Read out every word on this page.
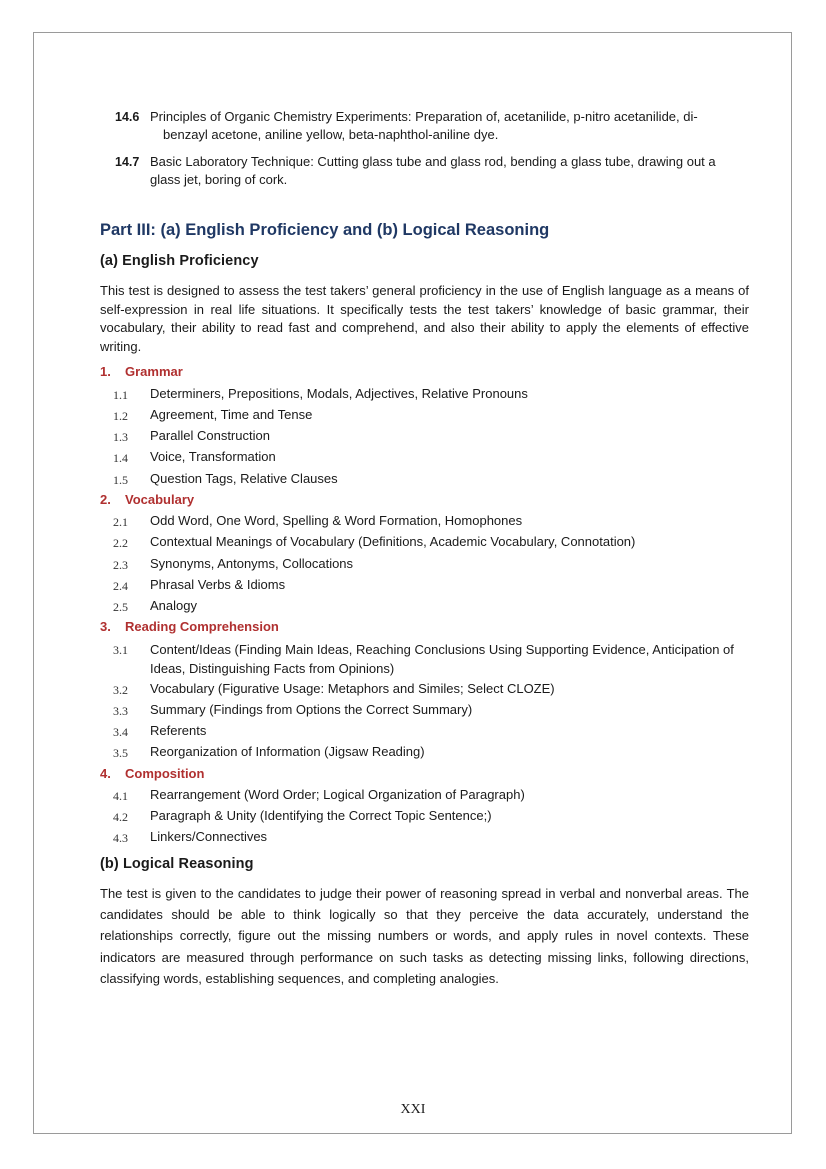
14.6 Principles of Organic Chemistry Experiments: Preparation of, acetanilide, p-nitro acetanilide, di-benzayl acetone, aniline yellow, beta-naphthol-aniline dye.
14.7 Basic Laboratory Technique: Cutting glass tube and glass rod, bending a glass tube, drawing out a glass jet, boring of cork.
Part III: (a) English Proficiency and (b) Logical Reasoning
(a) English Proficiency
This test is designed to assess the test takers’ general proficiency in the use of English language as a means of self-expression in real life situations. It specifically tests the test takers’ knowledge of basic grammar, their vocabulary, their ability to read fast and comprehend, and also their ability to apply the elements of effective writing.
1. Grammar
1.1	Determiners, Prepositions, Modals, Adjectives, Relative Pronouns
1.2	Agreement, Time and Tense
1.3	Parallel Construction
1.4	Voice, Transformation
1.5	Question Tags, Relative Clauses
2. Vocabulary
2.1	Odd Word, One Word, Spelling & Word Formation, Homophones
2.2	Contextual Meanings of Vocabulary (Definitions, Academic Vocabulary, Connotation)
2.3	Synonyms, Antonyms, Collocations
2.4	Phrasal Verbs & Idioms
2.5	Analogy
3. Reading Comprehension
3.1	Content/Ideas (Finding Main Ideas, Reaching Conclusions Using Supporting Evidence, Anticipation of Ideas, Distinguishing Facts from Opinions)
3.2	Vocabulary (Figurative Usage: Metaphors and Similes; Select CLOZE)
3.3	Summary (Findings from Options the Correct Summary)
3.4	Referents
3.5	Reorganization of Information (Jigsaw Reading)
4. Composition
4.1	Rearrangement (Word Order; Logical Organization of Paragraph)
4.2	Paragraph & Unity (Identifying the Correct Topic Sentence;)
4.3	Linkers/Connectives
(b) Logical Reasoning
The test is given to the candidates to judge their power of reasoning spread in verbal and nonverbal areas. The candidates should be able to think logically so that they perceive the data accurately, understand the relationships correctly, figure out the missing numbers or words, and apply rules in novel contexts. These indicators are measured through performance on such tasks as detecting missing links, following directions, classifying words, establishing sequences, and completing analogies.
XXI
